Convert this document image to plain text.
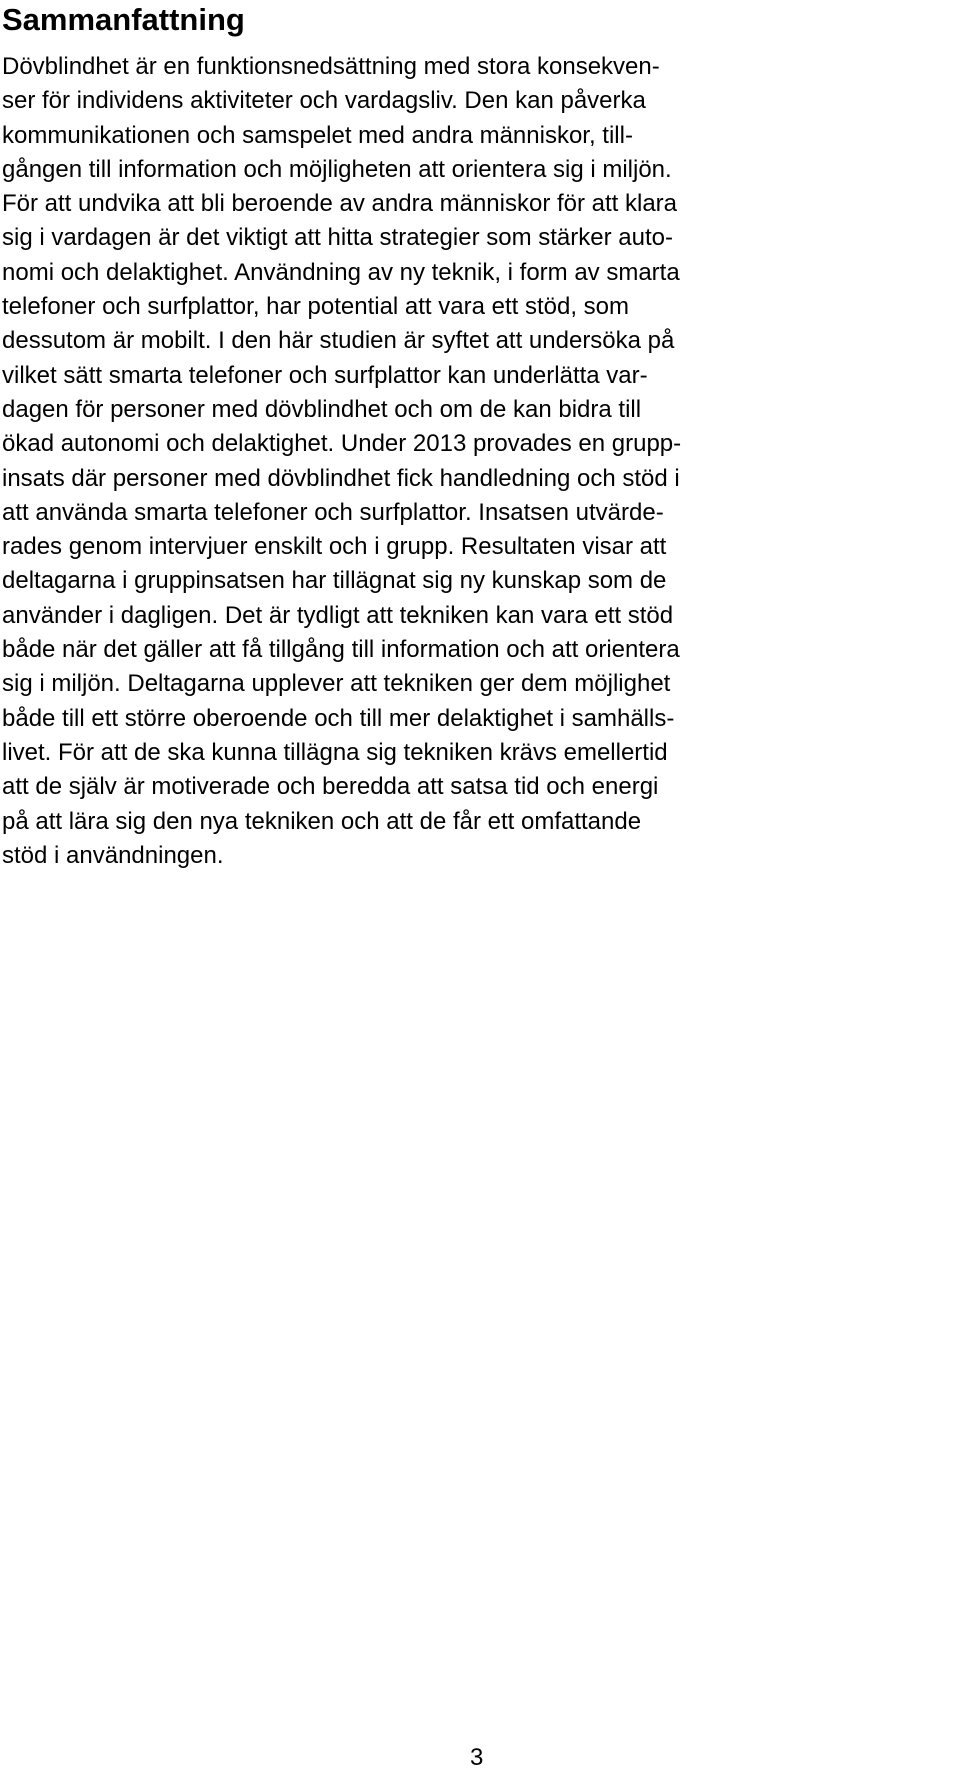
Sammanfattning
Dövblindhet är en funktionsnedsättning med stora konsekven-
ser för individens aktiviteter och vardagsliv. Den kan påverka
kommunikationen och samspelet med andra människor, till-
gången till information och möjligheten att orientera sig i miljön.
För att undvika att bli beroende av andra människor för att klara
sig i vardagen är det viktigt att hitta strategier som stärker auto-
nomi och delaktighet. Användning av ny teknik, i form av smarta
telefoner och surfplattor, har potential att vara ett stöd, som
dessutom är mobilt. I den här studien är syftet att undersöka på
vilket sätt smarta telefoner och surfplattor kan underlätta var-
dagen för personer med dövblindhet och om de kan bidra till
ökad autonomi och delaktighet. Under 2013 provades en grupp-
insats där personer med dövblindhet fick handledning och stöd i
att använda smarta telefoner och surfplattor. Insatsen utvärde-
rades genom intervjuer enskilt och i grupp. Resultaten visar att
deltagarna i gruppinsatsen har tillägnat sig ny kunskap som de
använder i dagligen. Det är tydligt att tekniken kan vara ett stöd
både när det gäller att få tillgång till information och att orientera
sig i miljön. Deltagarna upplever att tekniken ger dem möjlighet
både till ett större oberoende och till mer delaktighet i samhälls-
livet. För att de ska kunna tillägna sig tekniken krävs emellertid
att de själv är motiverade och beredda att satsa tid och energi
på att lära sig den nya tekniken och att de får ett omfattande
stöd i användningen.
3
